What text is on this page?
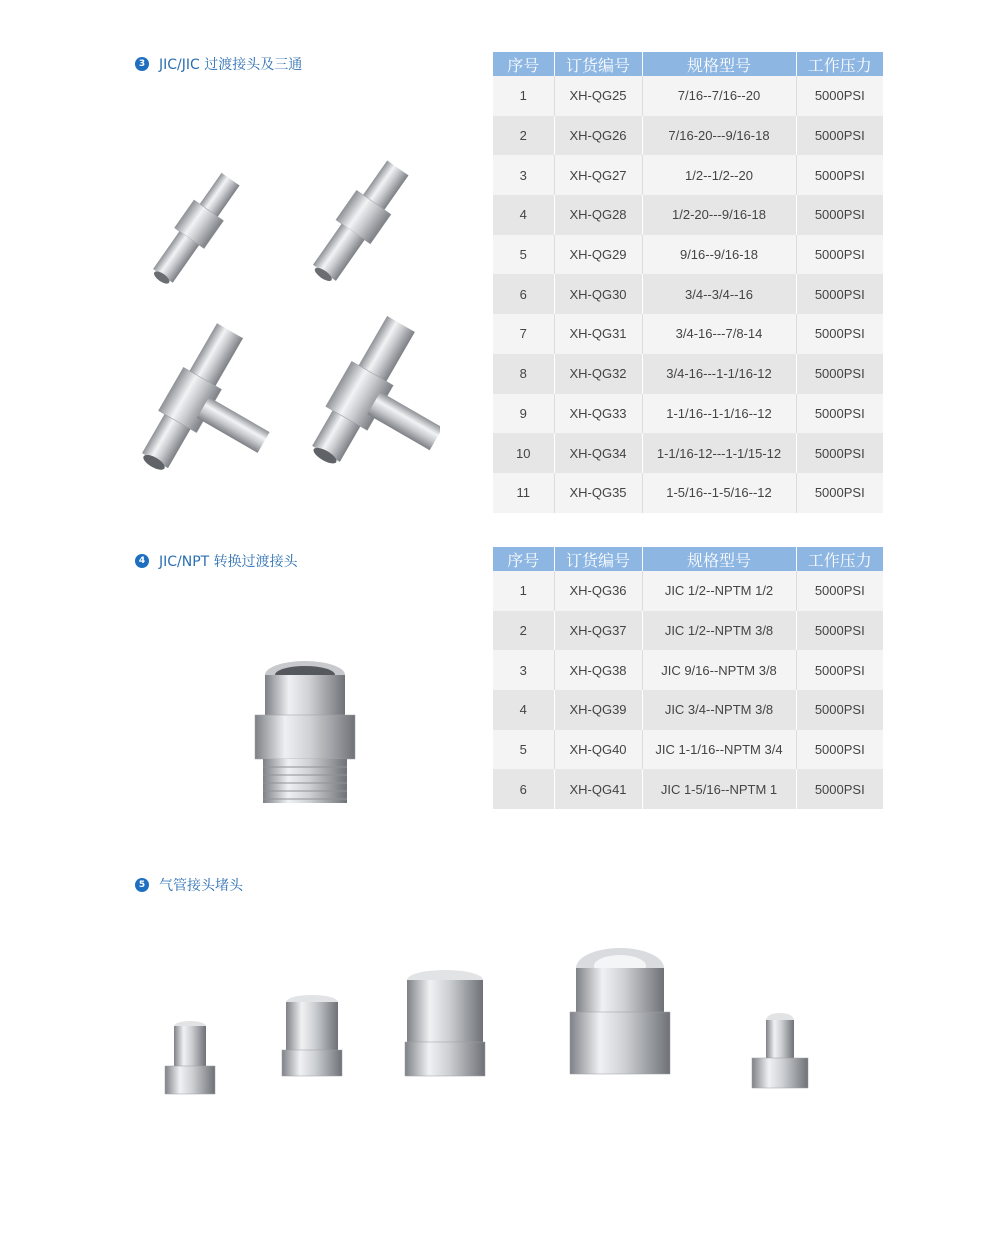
3 JIC/JIC 过渡接头及三通	序号	订货编号	规格型号	工作压力
1	XH-QG25	7/16--7/16--20	5000PSI
2	XH-QG26	7/16-20---9/16-18	5000PSI
3	XH-QG27	1/2--1/2--20	5000PSI
4	XH-QG28	1/2-20---9/16-18	5000PSI
5	XH-QG29	9/16--9/16-18	5000PSI
6	XH-QG30	3/4--3/4--16	5000PSI
7	XH-QG31	3/4-16---7/8-14	5000PSI
8	XH-QG32	3/4-16---1-1/16-12	5000PSI
9	XH-QG33	1-1/16--1-1/16--12	5000PSI
10	XH-QG34	1-1/16-12---1-1/15-12	5000PSI
11	XH-QG35	1-5/16--1-5/16--12	5000PSI
4 JIC/NPT 转换过渡接头	序号	订货编号	规格型号	工作压力
1	XH-QG36	JIC 1/2--NPTM 1/2	5000PSI
2	XH-QG37	JIC 1/2--NPTM 3/8	5000PSI
3	XH-QG38	JIC 9/16--NPTM 3/8	5000PSI
4	XH-QG39	JIC 3/4--NPTM 3/8	5000PSI
5	XH-QG40	JIC 1-1/16--NPTM 3/4	5000PSI
6	XH-QG41	JIC 1-5/16--NPTM 1	5000PSI
5 气管接头堵头
